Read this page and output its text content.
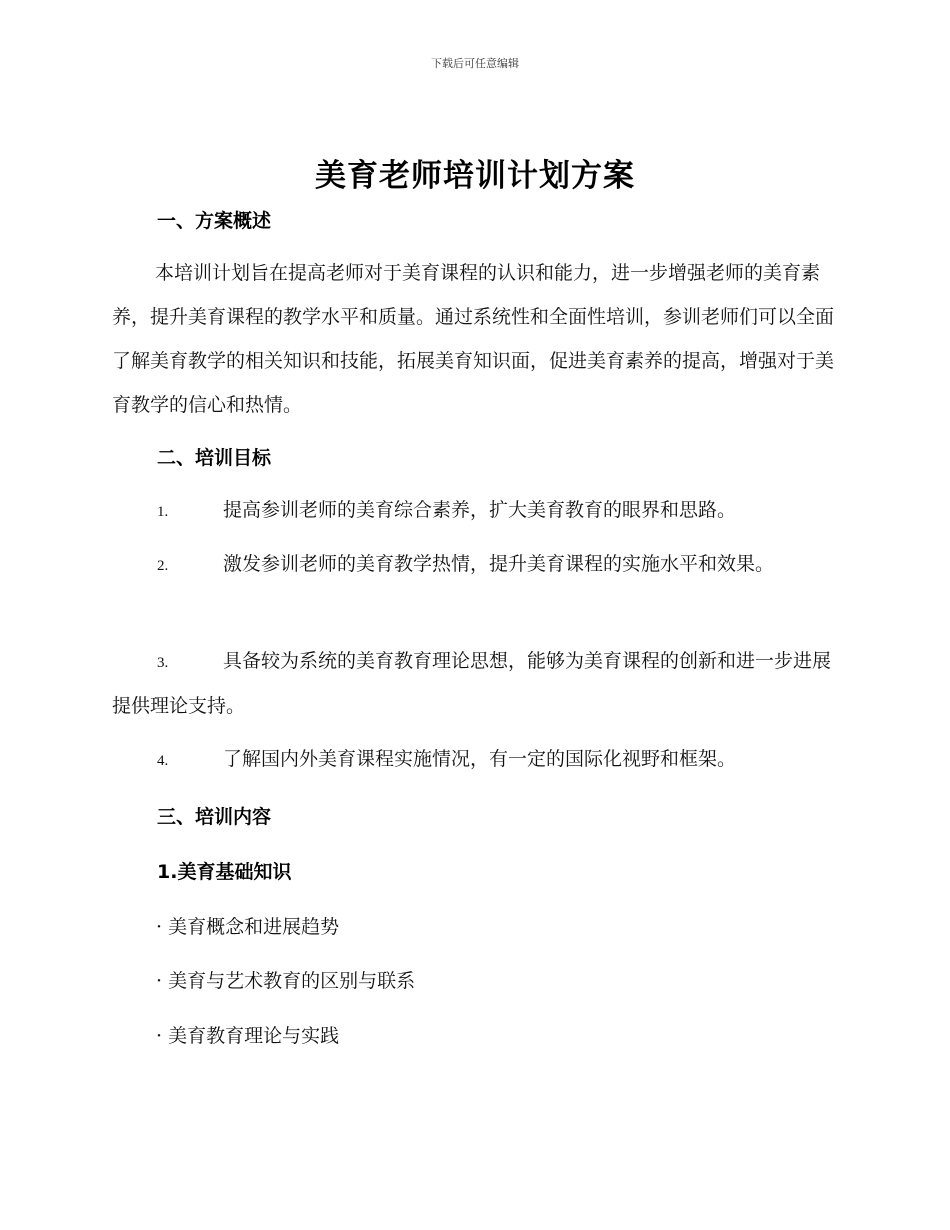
下载后可任意编辑
美育老师培训计划方案
一、方案概述

本培训计划旨在提高老师对于美育课程的认识和能力，进一步增强老师的美育素养，提升美育课程的教学水平和质量。通过系统性和全面性培训，参训老师们可以全面了解美育教学的相关知识和技能，拓展美育知识面，促进美育素养的提高，增强对于美育教学的信心和热情。

二、培训目标

1.	提高参训老师的美育综合素养，扩大美育教育的眼界和思路。

2.	激发参训老师的美育教学热情，提升美育课程的实施水平和效果。

3.	具备较为系统的美育教育理论思想，能够为美育课程的创新和进一步进展提供理论支持。

4.	了解国内外美育课程实施情况，有一定的国际化视野和框架。

三、培训内容
1.美育基础知识

· 美育概念和进展趋势

· 美育与艺术教育的区别与联系

· 美育教育理论与实践
